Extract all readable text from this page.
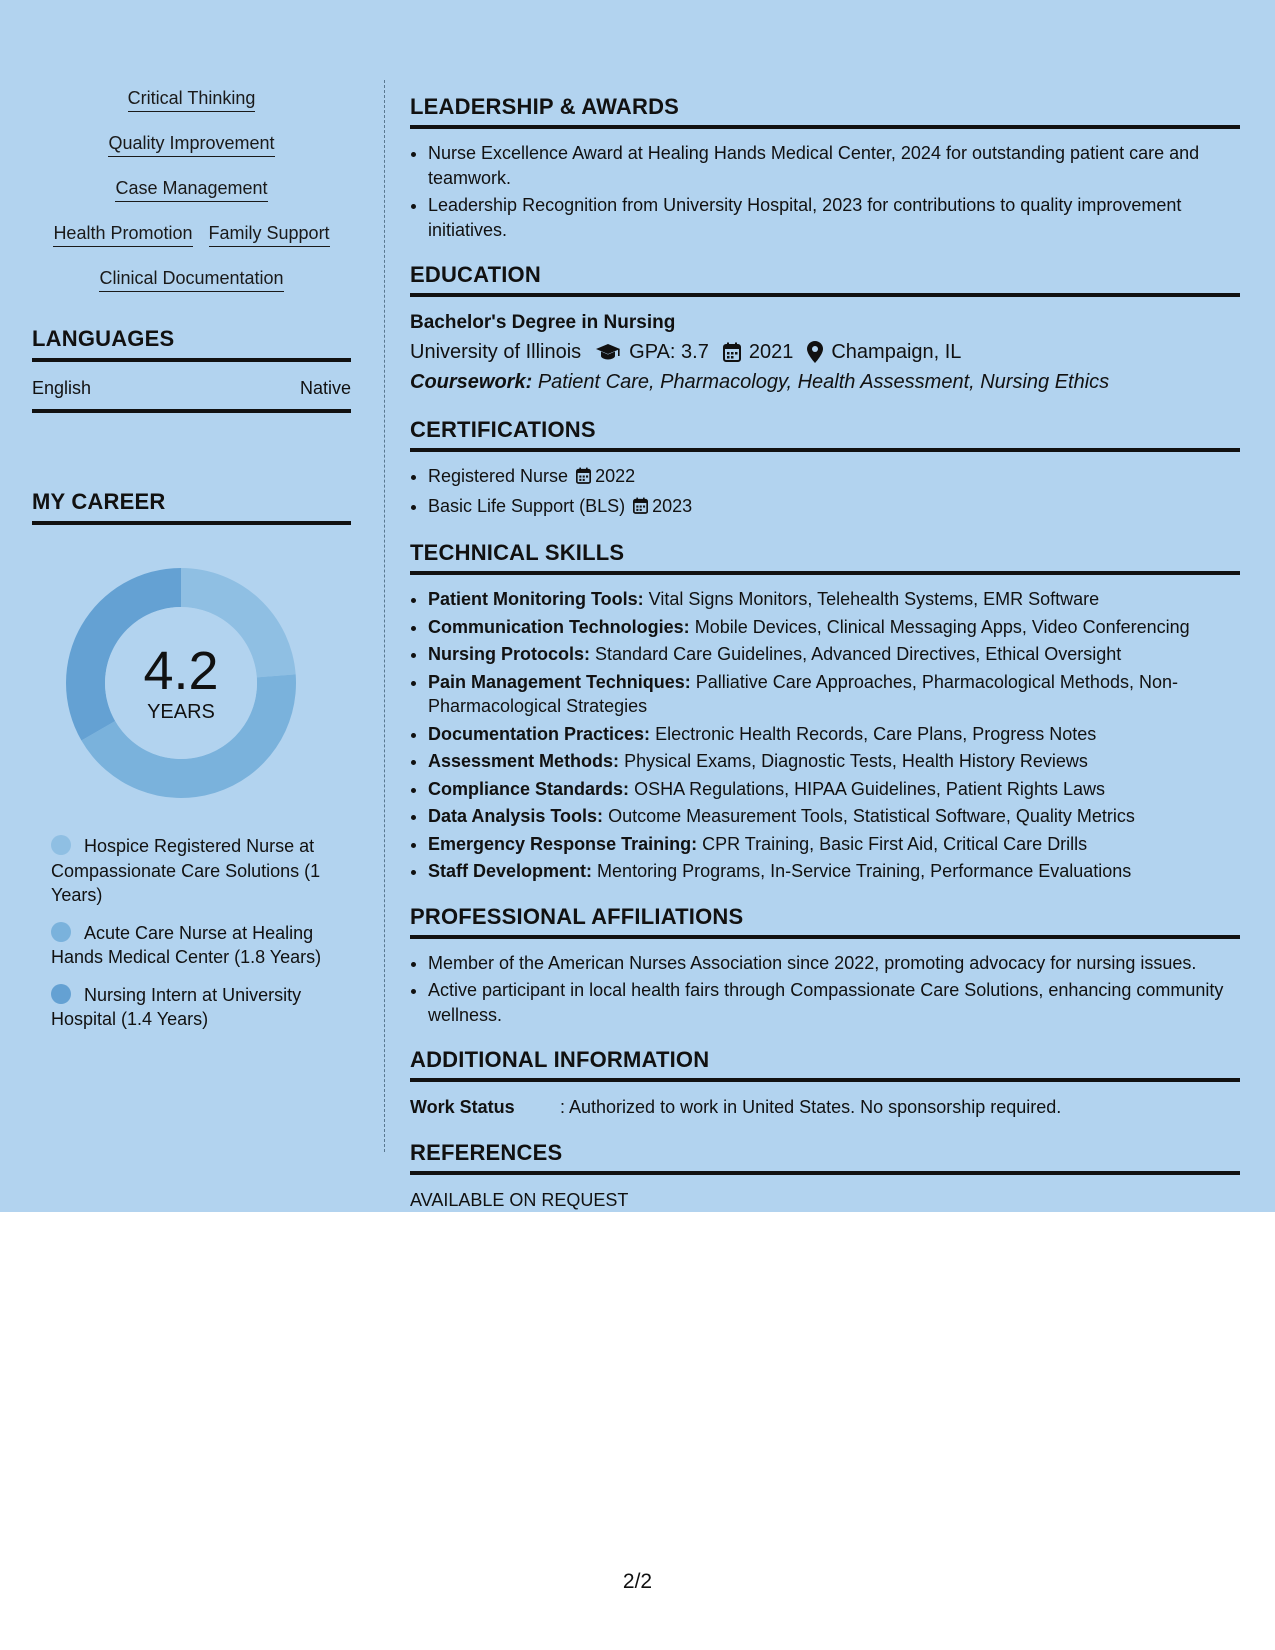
Critical Thinking
Quality Improvement
Case Management
Health Promotion Family Support
Clinical Documentation
LANGUAGES
English	Native
MY CAREER
4.2
YEARS
Hospice Registered Nurse at Compassionate Care Solutions (1 Years)
Acute Care Nurse at Healing Hands Medical Center (1.8 Years)
Nursing Intern at University Hospital (1.4 Years)
LEADERSHIP & AWARDS
• Nurse Excellence Award at Healing Hands Medical Center, 2024 for outstanding patient care and teamwork.
• Leadership Recognition from University Hospital, 2023 for contributions to quality improvement initiatives.
EDUCATION
Bachelor's Degree in Nursing
University of Illinois GPA: 3.7 2021 Champaign, IL
Coursework: Patient Care, Pharmacology, Health Assessment, Nursing Ethics
CERTIFICATIONS
• Registered Nurse 2022
• Basic Life Support (BLS) 2023
TECHNICAL SKILLS
• Patient Monitoring Tools: Vital Signs Monitors, Telehealth Systems, EMR Software
• Communication Technologies: Mobile Devices, Clinical Messaging Apps, Video Conferencing
• Nursing Protocols: Standard Care Guidelines, Advanced Directives, Ethical Oversight
• Pain Management Techniques: Palliative Care Approaches, Pharmacological Methods, Non-Pharmacological Strategies
• Documentation Practices: Electronic Health Records, Care Plans, Progress Notes
• Assessment Methods: Physical Exams, Diagnostic Tests, Health History Reviews
• Compliance Standards: OSHA Regulations, HIPAA Guidelines, Patient Rights Laws
• Data Analysis Tools: Outcome Measurement Tools, Statistical Software, Quality Metrics
• Emergency Response Training: CPR Training, Basic First Aid, Critical Care Drills
• Staff Development: Mentoring Programs, In-Service Training, Performance Evaluations
PROFESSIONAL AFFILIATIONS
• Member of the American Nurses Association since 2022, promoting advocacy for nursing issues.
• Active participant in local health fairs through Compassionate Care Solutions, enhancing community wellness.
ADDITIONAL INFORMATION
Work Status	: Authorized to work in United States. No sponsorship required.
REFERENCES
AVAILABLE ON REQUEST
2/2
